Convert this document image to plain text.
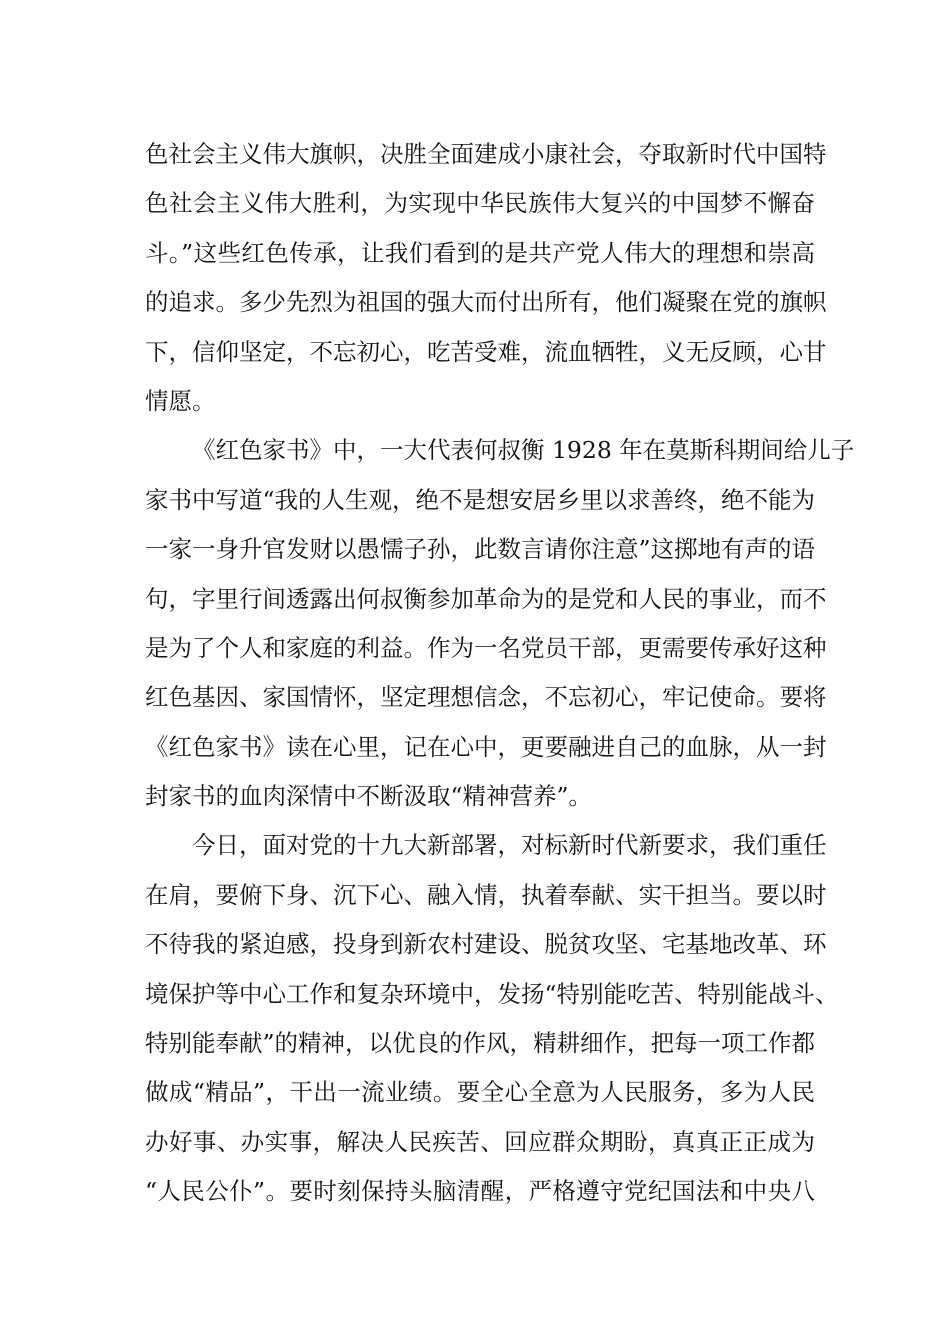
色社会主义伟大旗帜，决胜全面建成小康社会，夺取新时代中国特
色社会主义伟大胜利，为实现中华民族伟大复兴的中国梦不懈奋
斗。”这些红色传承，让我们看到的是共产党人伟大的理想和崇高
的追求。多少先烈为祖国的强大而付出所有，他们凝聚在党的旗帜
下，信仰坚定，不忘初心，吃苦受难，流血牺牲，义无反顾，心甘
情愿。
《红色家书》中，一大代表何叔衡 1928 年在莫斯科期间给儿子
家书中写道“我的人生观，绝不是想安居乡里以求善终，绝不能为
一家一身升官发财以愚懦子孙，此数言请你注意”这掷地有声的语
句，字里行间透露出何叔衡参加革命为的是党和人民的事业，而不
是为了个人和家庭的利益。作为一名党员干部，更需要传承好这种
红色基因、家国情怀，坚定理想信念，不忘初心，牢记使命。要将
《红色家书》读在心里，记在心中，更要融进自己的血脉，从一封
封家书的血肉深情中不断汲取“精神营养”。
今日，面对党的十九大新部署，对标新时代新要求，我们重任
在肩，要俯下身、沉下心、融入情，执着奉献、实干担当。要以时
不待我的紧迫感，投身到新农村建设、脱贫攻坚、宅基地改革、环
境保护等中心工作和复杂环境中，发扬“特别能吃苦、特别能战斗、
特别能奉献”的精神，以优良的作风，精耕细作，把每一项工作都
做成“精品”，干出一流业绩。要全心全意为人民服务，多为人民
办好事、办实事，解决人民疾苦、回应群众期盼，真真正正成为
“人民公仆”。要时刻保持头脑清醒，严格遵守党纪国法和中央八
